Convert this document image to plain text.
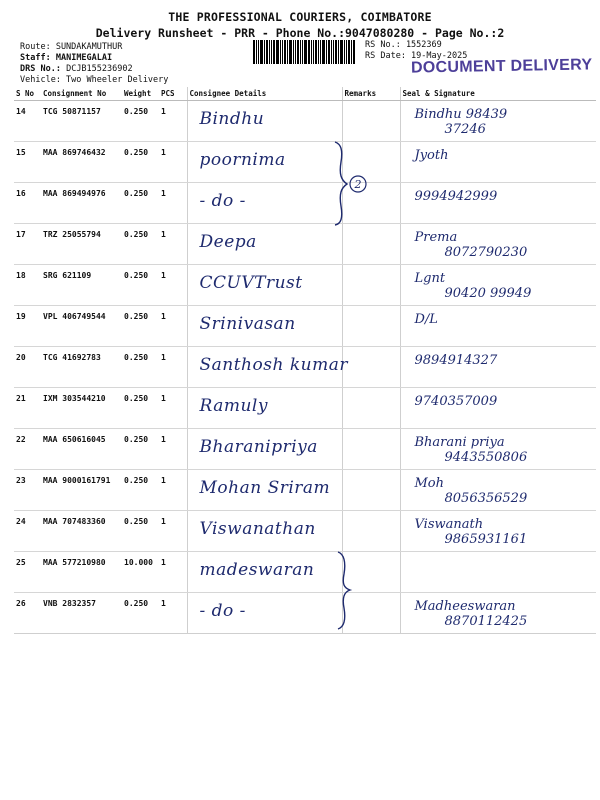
THE PROFESSIONAL COURIERS, COIMBATORE
Delivery Runsheet - PRR - Phone No.:9047080280 - Page No.:2
Route: SUNDAKAMUTHUR
Staff: MANIMEGALAI
DRS No.: DCJB155236902
Vehicle: Two Wheeler Delivery
RS No.: 1552369
RS Date: 19-May-2025
DOCUMENT DELIVERY
S No	Consignment No	Weight	PCS	Consignee Details	Remarks	Seal & Signature
14	TCG 50871157	0.250	1	Bindhu		Bindhu 98439
37246

15	MAA 869746432	0.250	1	poornima		Jyoth

16	MAA 869494976	0.250	1	- do -		9994942999

17	TRZ 25055794	0.250	1	Deepa		Prema
8072790230

18	SRG 621109	0.250	1	CCUVTrust		Lgnt
90420 99949

19	VPL 406749544	0.250	1	Srinivasan		D/L

20	TCG 41692783	0.250	1	Santhosh kumar		9894914327

21	IXM 303544210	0.250	1	Ramuly		9740357009

22	MAA 650616045	0.250	1	Bharanipriya		Bharani priya
9443550806

23	MAA 9000161791	0.250	1	Mohan Sriram		Moh
8056356529

24	MAA 707483360	0.250	1	Viswanathan		Viswanath
9865931161

25	MAA 577210980	10.000	1	madeswaran		

26	VNB 2832357	0.250	1	- do -		Madheeswaran
8870112425
2
